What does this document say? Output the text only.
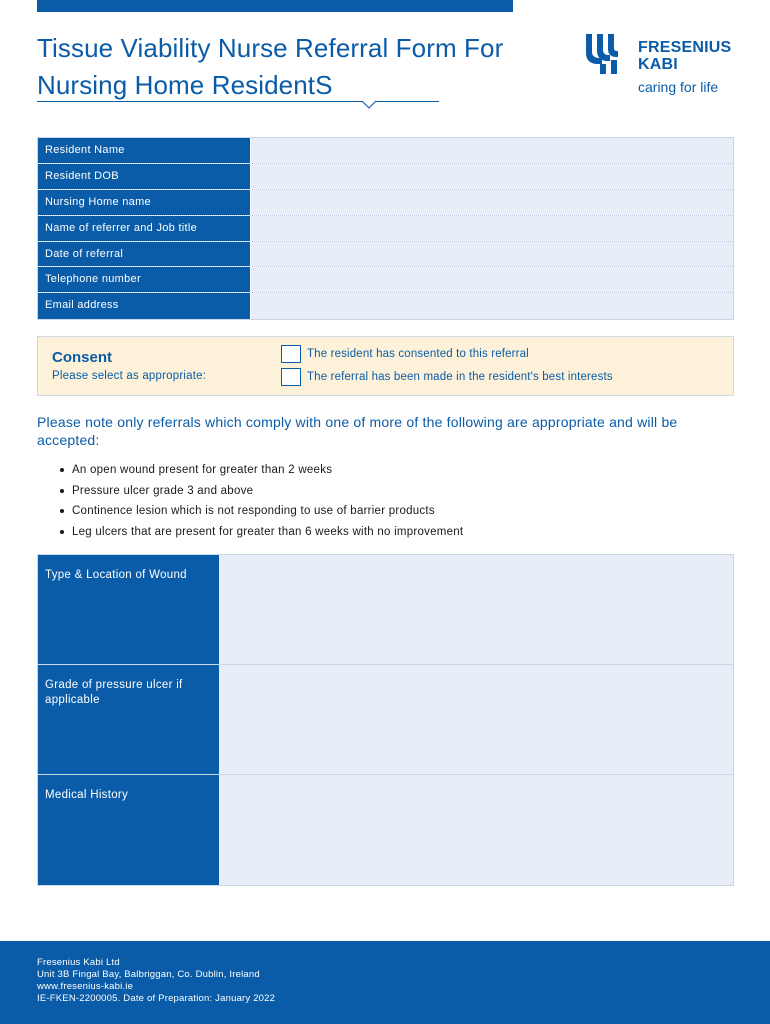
Tissue Viability Nurse Referral Form For
Nursing Home ResidentS
FRESENIUS
KABI
caring for life
Resident Name
Resident DOB
Nursing Home name
Name of referrer and Job title
Date of referral
Telephone number
Email address
Consent
Please select as appropriate:
The resident has consented to this referral
The referral has been made in the resident's best interests

Please note only referrals which comply with one of more of the following are appropriate and will be accepted:

An open wound present for greater than 2 weeks
Pressure ulcer grade 3 and above
Continence lesion which is not responding to use of barrier products
Leg ulcers that are present for greater than 6 weeks with no improvement
Type & Location of Wound
Grade of pressure ulcer if applicable
Medical History
Fresenius Kabi Ltd
Unit 3B Fingal Bay, Balbriggan, Co. Dublin, Ireland
www.fresenius-kabi.ie
IE-FKEN-2200005. Date of Preparation: January 2022
